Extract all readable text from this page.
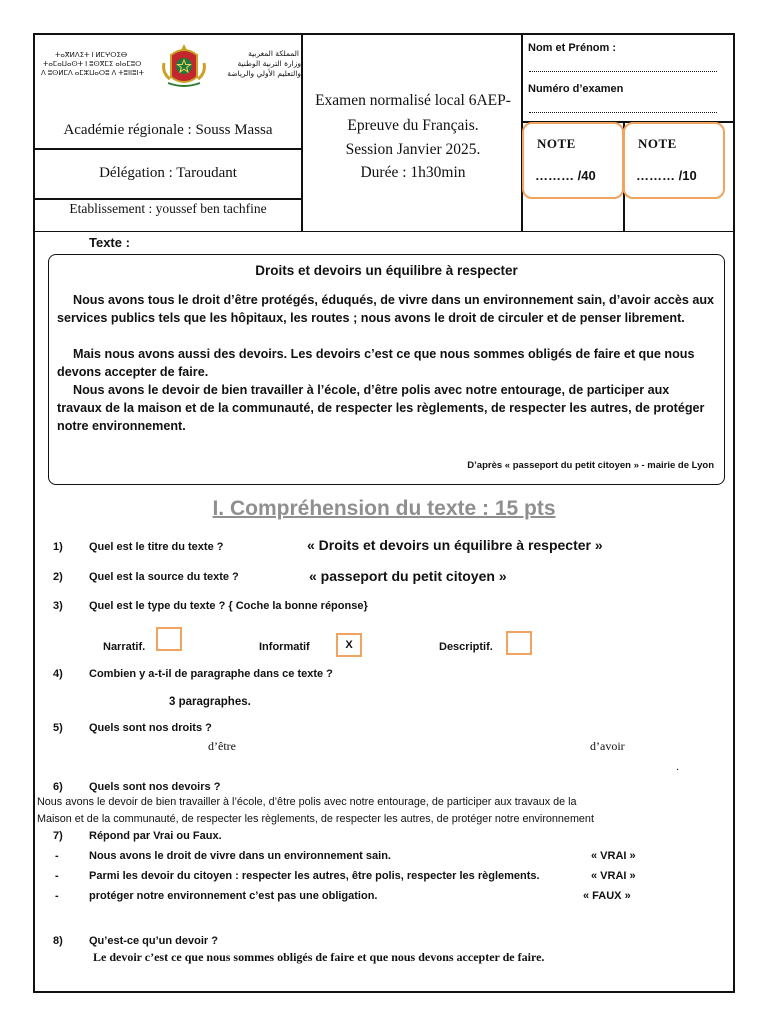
ⵜⴰⴳⵍⴷⵉⵜ ⵏ ⵍⵎⵖⵔⵉⴱ
ⵜⴰⵎⴰⵡⴰⵙⵜ ⵏ ⵓⵙⴳⵎⵉ ⴰⵏⴰⵎⵓⵔ
ⴷ ⵓⵙⵍⵎⴷ ⴰⵎⵣⵡⴰⵔⵓ ⴷ ⵜⵓⵏⵏⵓⵏⵜ
المملكة المغربية
وزارة التربية الوطنية
والتعليم الأولي والرياضة
Académie régionale : Souss Massa
Délégation : Taroudant
Etablissement : youssef ben tachfine
Examen normalisé local 6AEP-
Epreuve du Français.
Session Janvier 2025.
Durée : 1h30min
Nom et Prénom :
Numéro d’examen
NOTE
……… /40
NOTE
……… /10
Texte :
Droits et devoirs un équilibre à respecter

Nous avons tous le droit d’être protégés, éduqués, de vivre dans un environnement sain, d’avoir accès aux services publics tels que les hôpitaux, les routes ; nous avons le droit de circuler et de penser librement.

Mais nous avons aussi des devoirs. Les devoirs c’est ce que nous sommes obligés de faire et que nous devons accepter de faire.

Nous avons le devoir de bien travailler à l’école, d’être polis avec notre entourage, de participer aux travaux de la maison et de la communauté, de respecter les règlements, de respecter les autres, de protéger notre environnement.

D’après « passeport du petit citoyen » - mairie de Lyon
I. Compréhension du texte : 15 pts
1) Quel est le titre du texte ?	« Droits et devoirs un équilibre à respecter »
2) Quel est la source du texte ?	« passeport du petit citoyen »
3) Quel est le type du texte ? { Coche la bonne réponse}
Narratif.	Informatif	X	Descriptif.
4) Combien y a-t-il de paragraphe dans ce texte ?
3 paragraphes.
5) Quels sont nos droits ?
d’être	d’avoir
.
6) Quels sont nos devoirs ?
Nous avons le devoir de bien travailler à l’école, d’être polis avec notre entourage, de participer aux travaux de la
Maison et de la communauté, de respecter les règlements, de respecter les autres, de protéger notre environnement
7) Répond par Vrai ou Faux.
-	Nous avons le droit de vivre dans un environnement sain.	« VRAI »
-	Parmi les devoir du citoyen : respecter les autres, être polis, respecter les règlements.	« VRAI »
-	protéger notre environnement c’est pas une obligation.	« FAUX »
8) Qu’est-ce qu’un devoir ?
Le devoir c’est ce que nous sommes obligés de faire et que nous devons accepter de faire.
